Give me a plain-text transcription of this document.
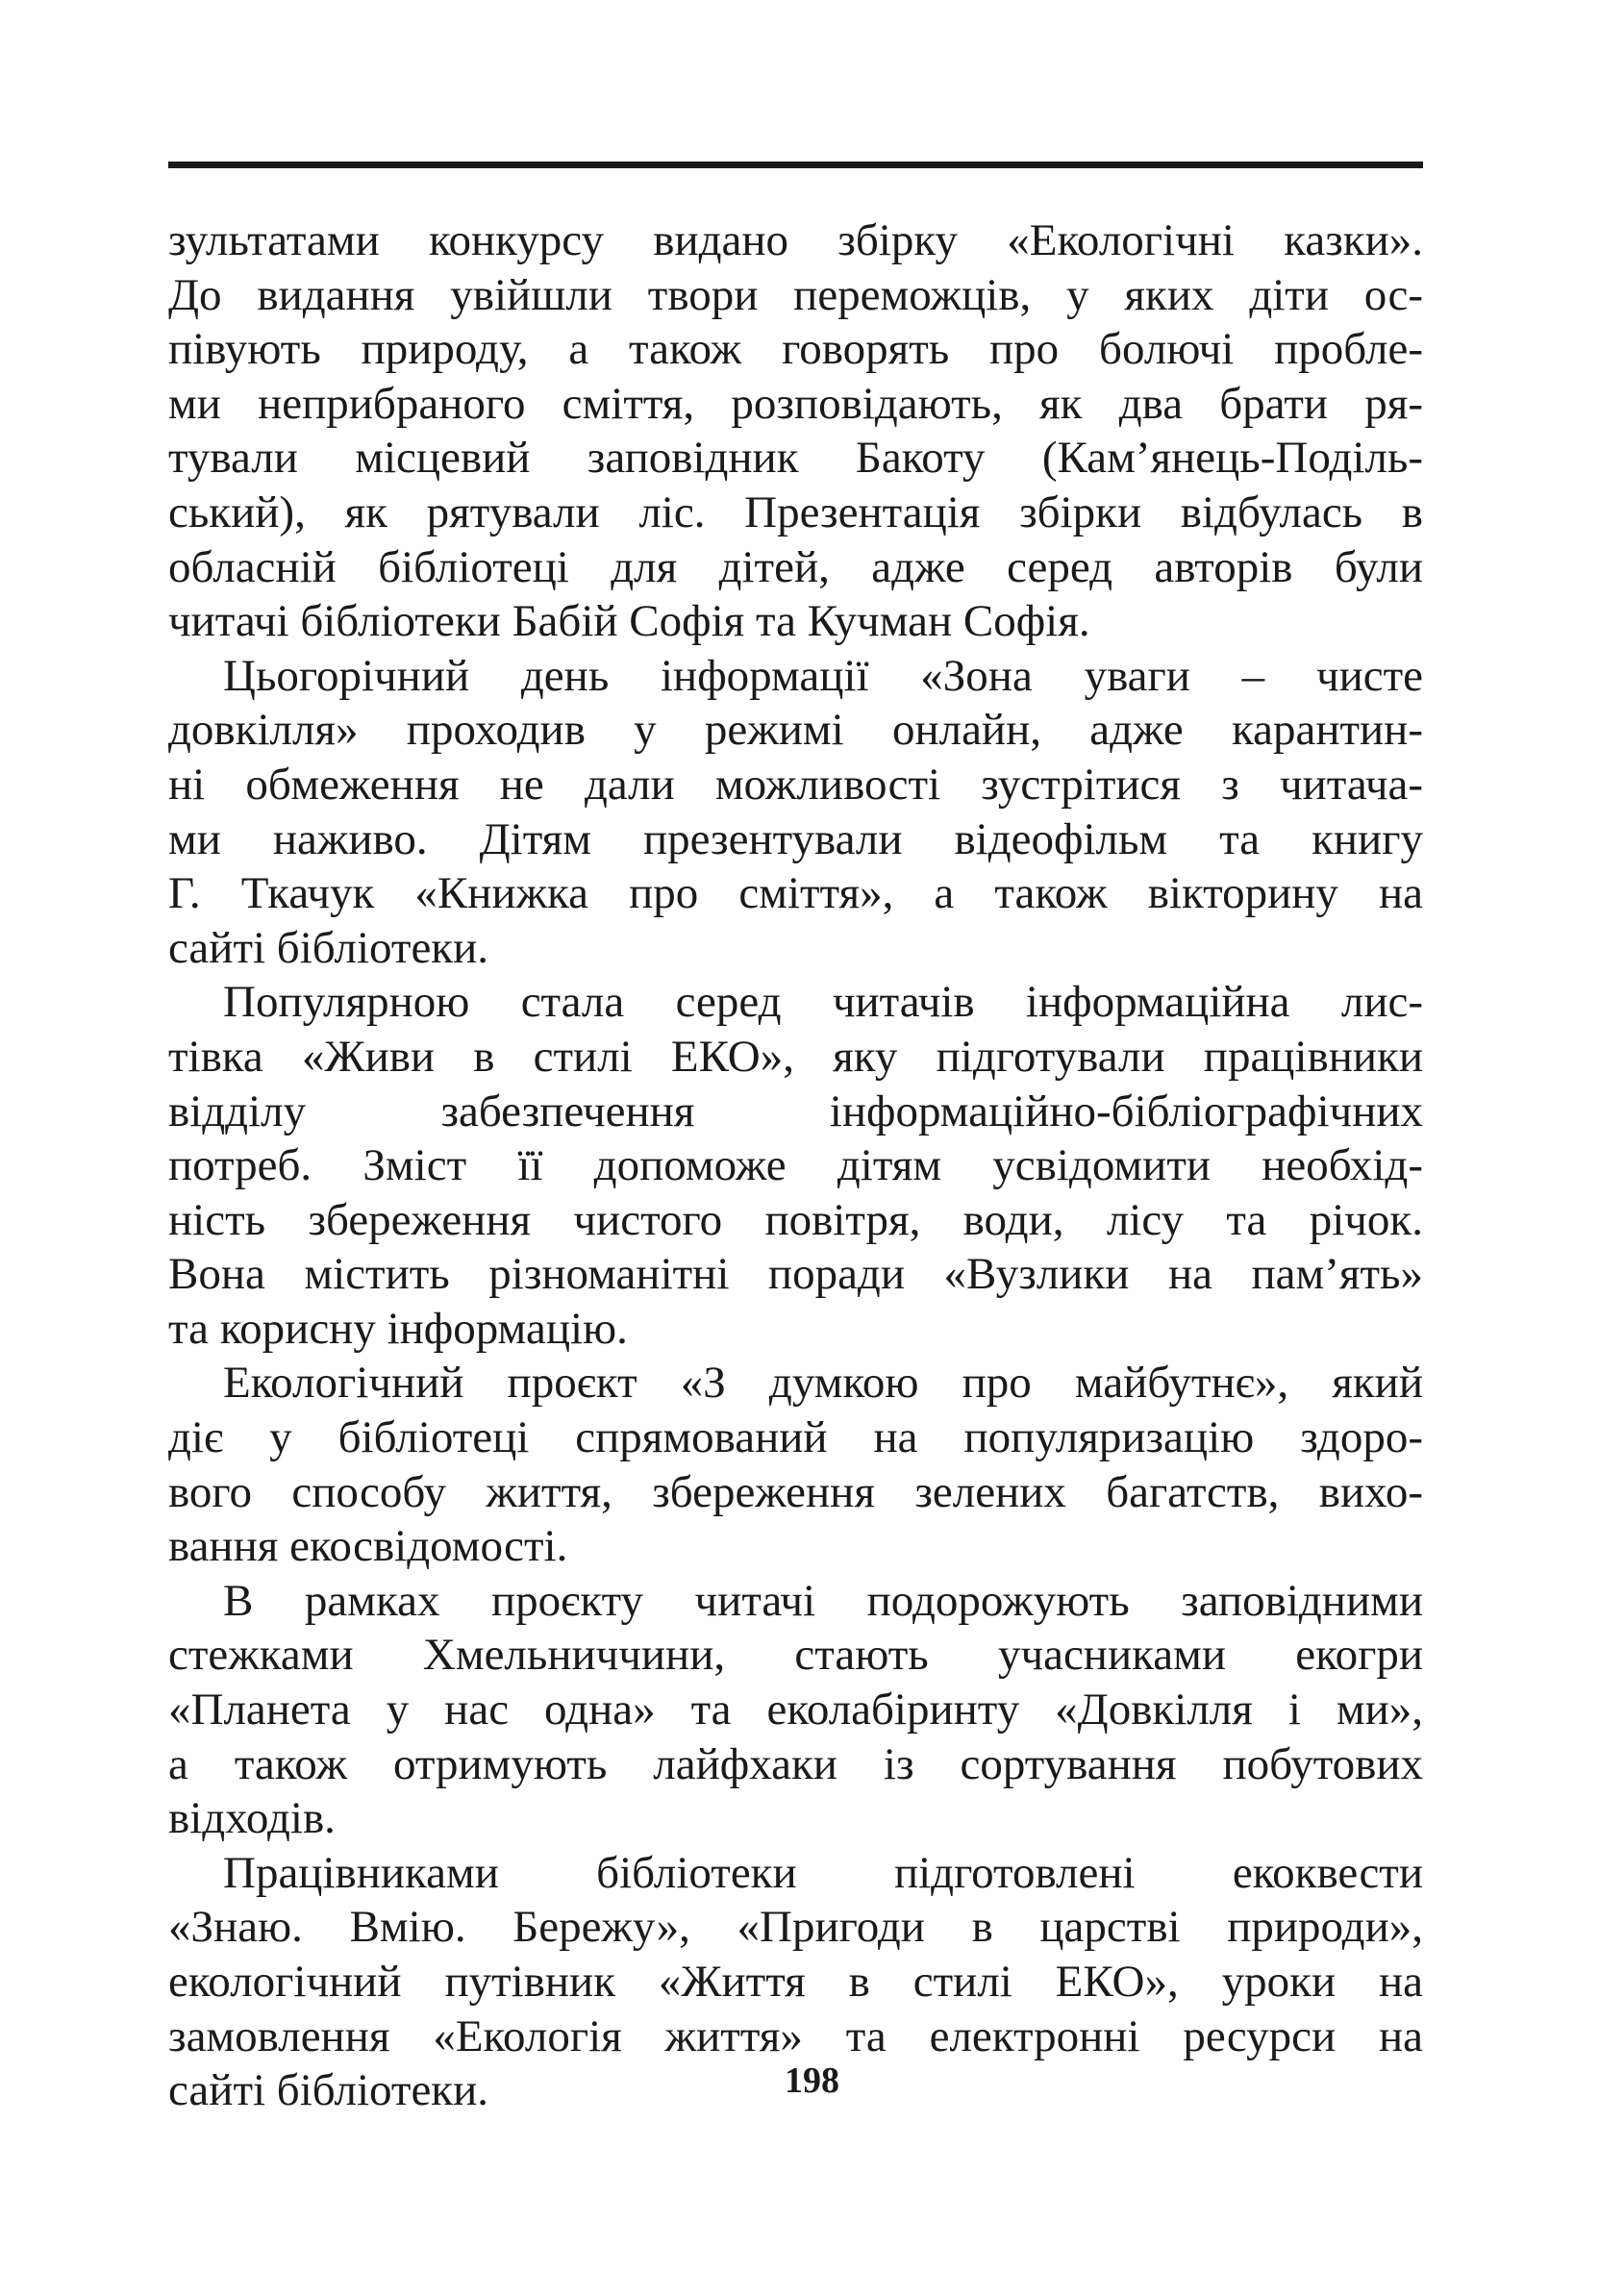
зультатами конкурсу видано збірку «Екологічні казки».
До видання увійшли твори переможців, у яких діти ос-
півують природу, а також говорять про болючі пробле-
ми неприбраного сміття, розповідають, як два брати ря-
тували місцевий заповідник Бакоту (Кам’янець-Поділь-
ський), як рятували ліс. Презентація збірки відбулась в
обласній бібліотеці для дітей, адже серед авторів були
читачі бібліотеки Бабій Софія та Кучман Софія.
Цьогорічний день інформації «Зона уваги – чисте
довкілля» проходив у режимі онлайн, адже карантин-
ні обмеження не дали можливості зустрітися з читача-
ми наживо. Дітям презентували відеофільм та книгу
Г. Ткачук «Книжка про сміття», а також вікторину на
сайті бібліотеки.
Популярною стала серед читачів інформаційна лис-
тівка «Живи в стилі ЕКО», яку підготували працівники
відділу забезпечення інформаційно-бібліографічних
потреб. Зміст її допоможе дітям усвідомити необхід-
ність збереження чистого повітря, води, лісу та річок.
Вона містить різноманітні поради «Вузлики на пам’ять»
та корисну інформацію.
Екологічний проєкт «З думкою про майбутнє», який
діє у бібліотеці спрямований на популяризацію здоро-
вого способу життя, збереження зелених багатств, вихо-
вання екосвідомості.
В рамках проєкту читачі подорожують заповідними
стежками Хмельниччини, стають учасниками екогри
«Планета у нас одна» та еколабіринту «Довкілля і ми»,
а також отримують лайфхаки із сортування побутових
відходів.
Працівниками бібліотеки підготовлені екоквести
«Знаю. Вмію. Бережу», «Пригоди в царстві природи»,
екологічний путівник «Життя в стилі ЕКО», уроки на
замовлення «Екологія життя» та електронні ресурси на
сайті бібліотеки.	198
